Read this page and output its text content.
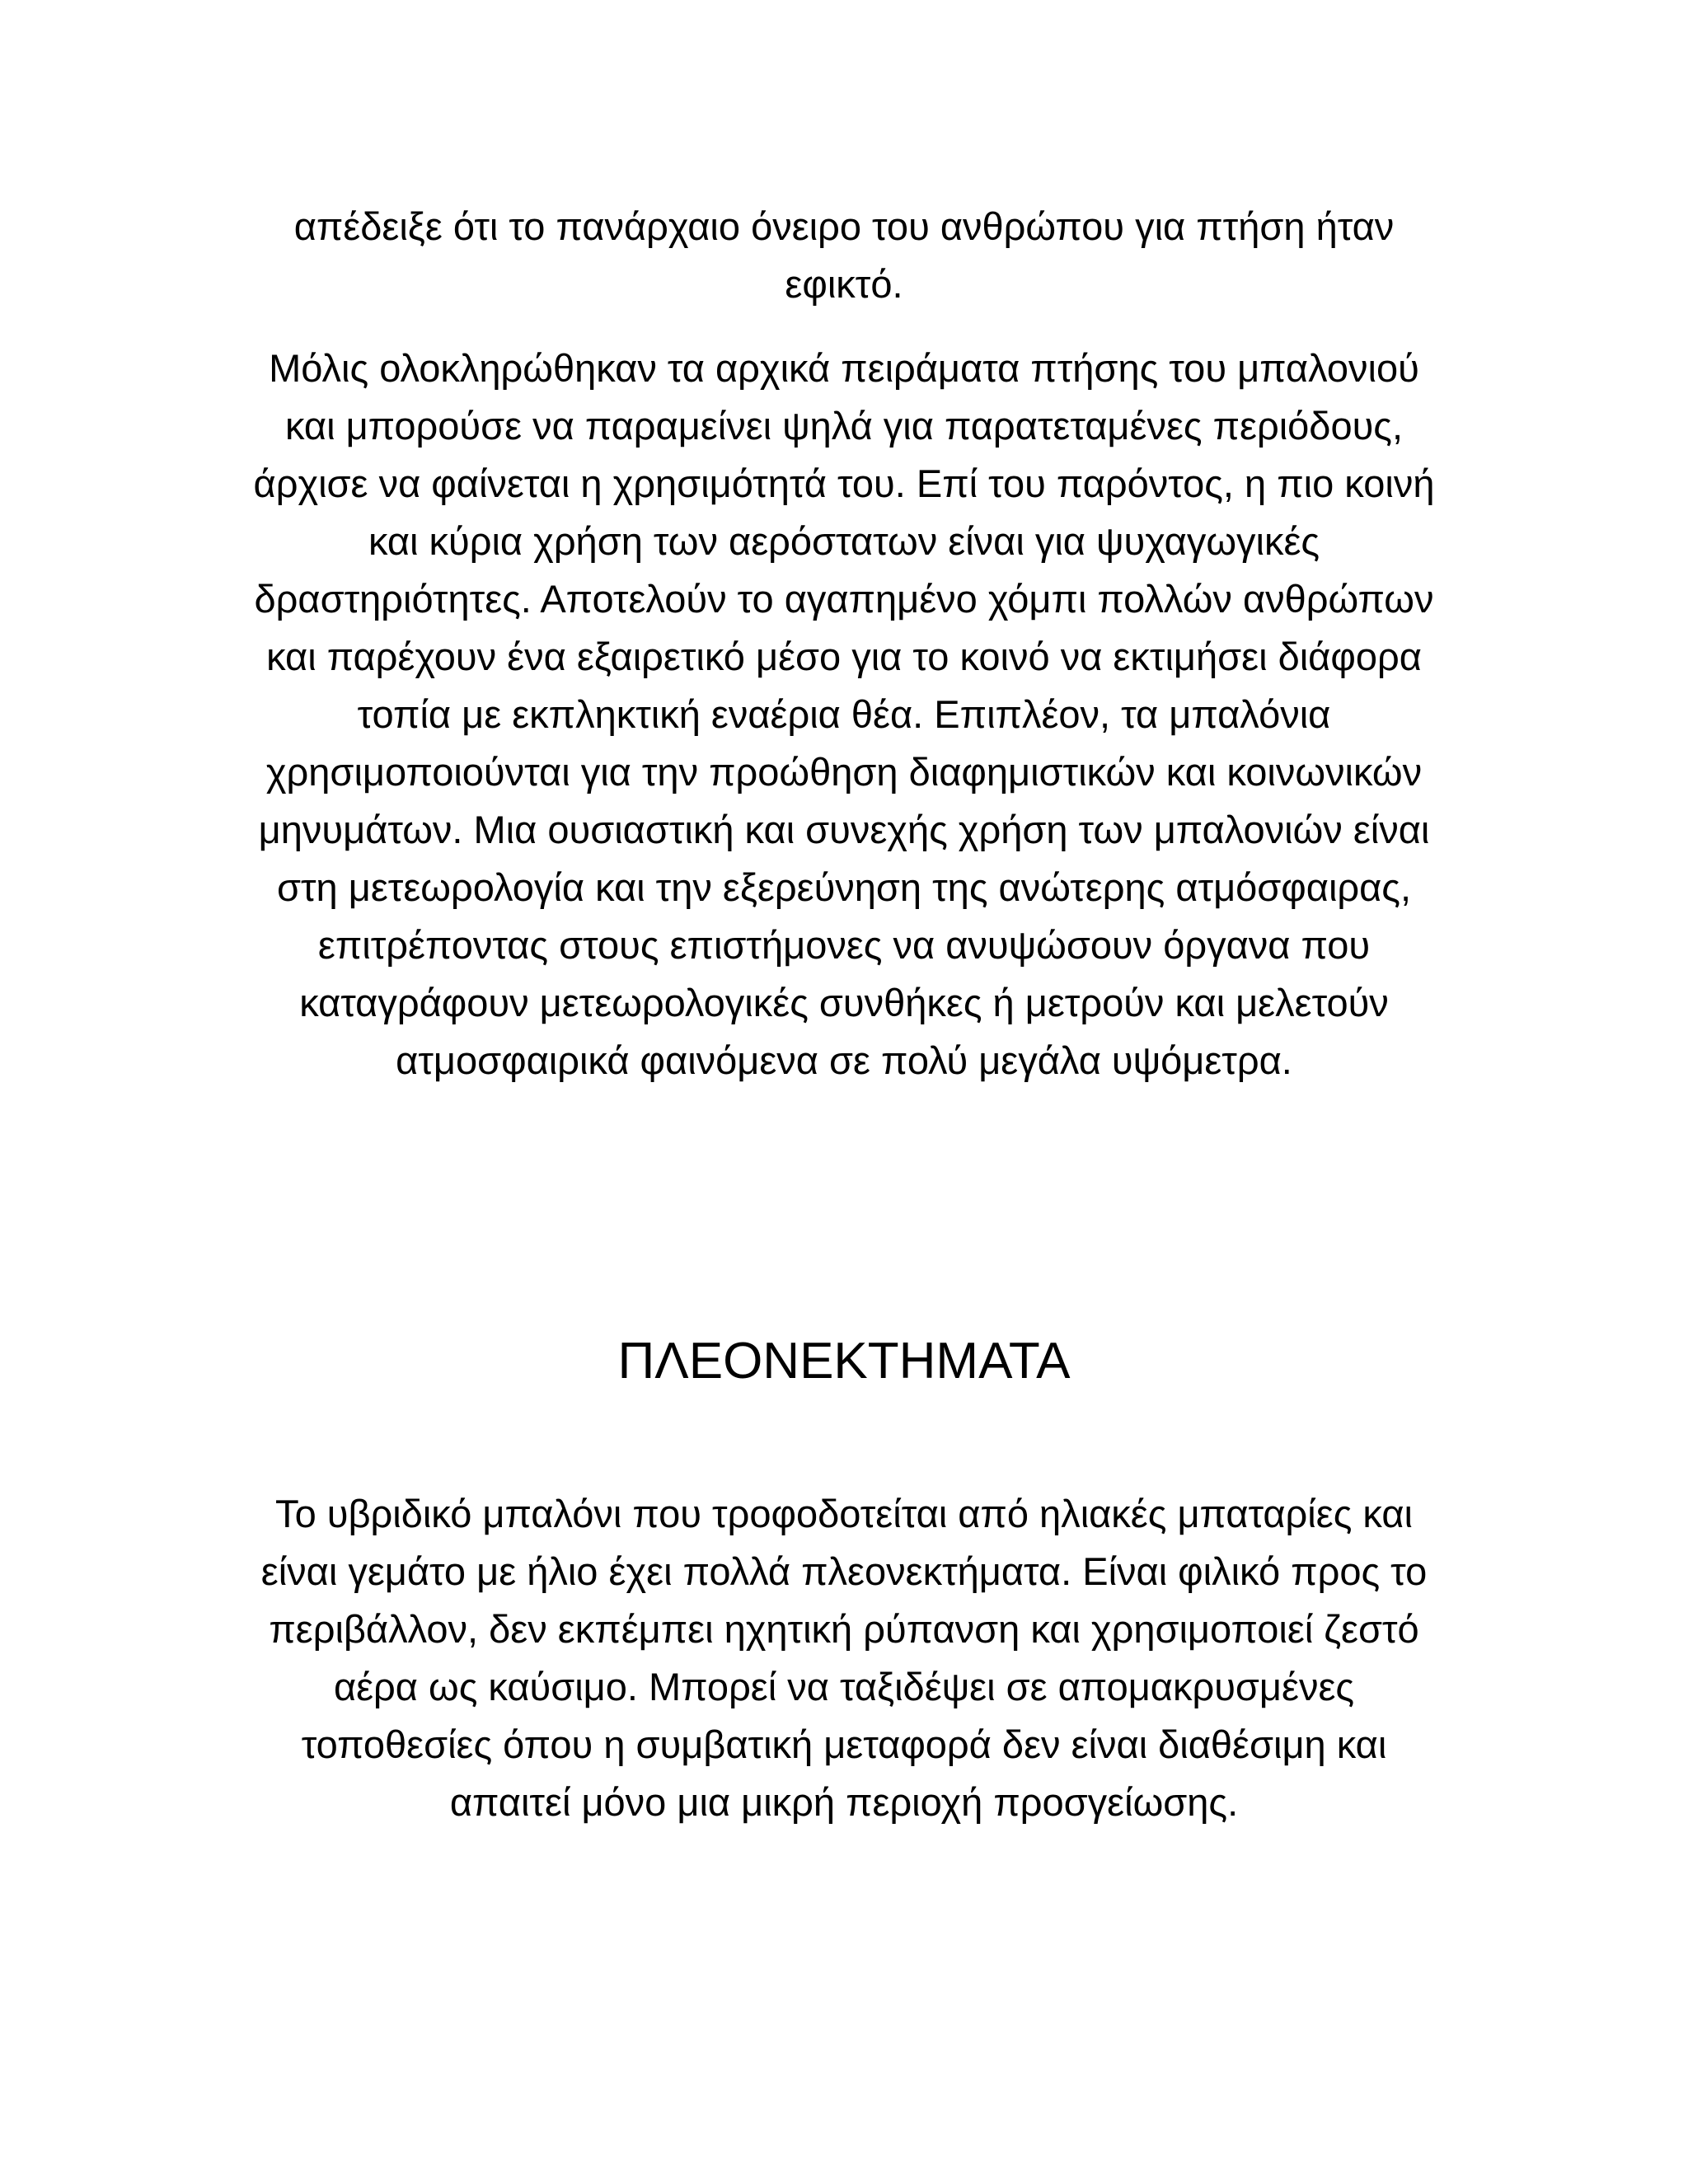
απέδειξε ότι το πανάρχαιο όνειρο του ανθρώπου για πτήση ήταν
εφικτό.

Μόλις ολοκληρώθηκαν τα αρχικά πειράματα πτήσης του μπαλονιού
και μπορούσε να παραμείνει ψηλά για παρατεταμένες περιόδους,
άρχισε να φαίνεται η χρησιμότητά του. Επί του παρόντος, η πιο κοινή
και κύρια χρήση των αερόστατων είναι για ψυχαγωγικές
δραστηριότητες. Αποτελούν το αγαπημένο χόμπι πολλών ανθρώπων
και παρέχουν ένα εξαιρετικό μέσο για το κοινό να εκτιμήσει διάφορα
τοπία με εκπληκτική εναέρια θέα. Επιπλέον, τα μπαλόνια
χρησιμοποιούνται για την προώθηση διαφημιστικών και κοινωνικών
μηνυμάτων. Μια ουσιαστική και συνεχής χρήση των μπαλονιών είναι
στη μετεωρολογία και την εξερεύνηση της ανώτερης ατμόσφαιρας,
επιτρέποντας στους επιστήμονες να ανυψώσουν όργανα που
καταγράφουν μετεωρολογικές συνθήκες ή μετρούν και μελετούν
ατμοσφαιρικά φαινόμενα σε πολύ μεγάλα υψόμετρα.

ΠΛΕΟΝΕΚΤΗΜΑΤΑ

Το υβριδικό μπαλόνι που τροφοδοτείται από ηλιακές μπαταρίες και
είναι γεμάτο με ήλιο έχει πολλά πλεονεκτήματα. Είναι φιλικό προς το
περιβάλλον, δεν εκπέμπει ηχητική ρύπανση και χρησιμοποιεί ζεστό
αέρα ως καύσιμο. Μπορεί να ταξιδέψει σε απομακρυσμένες
τοποθεσίες όπου η συμβατική μεταφορά δεν είναι διαθέσιμη και
απαιτεί μόνο μια μικρή περιοχή προσγείωσης.
